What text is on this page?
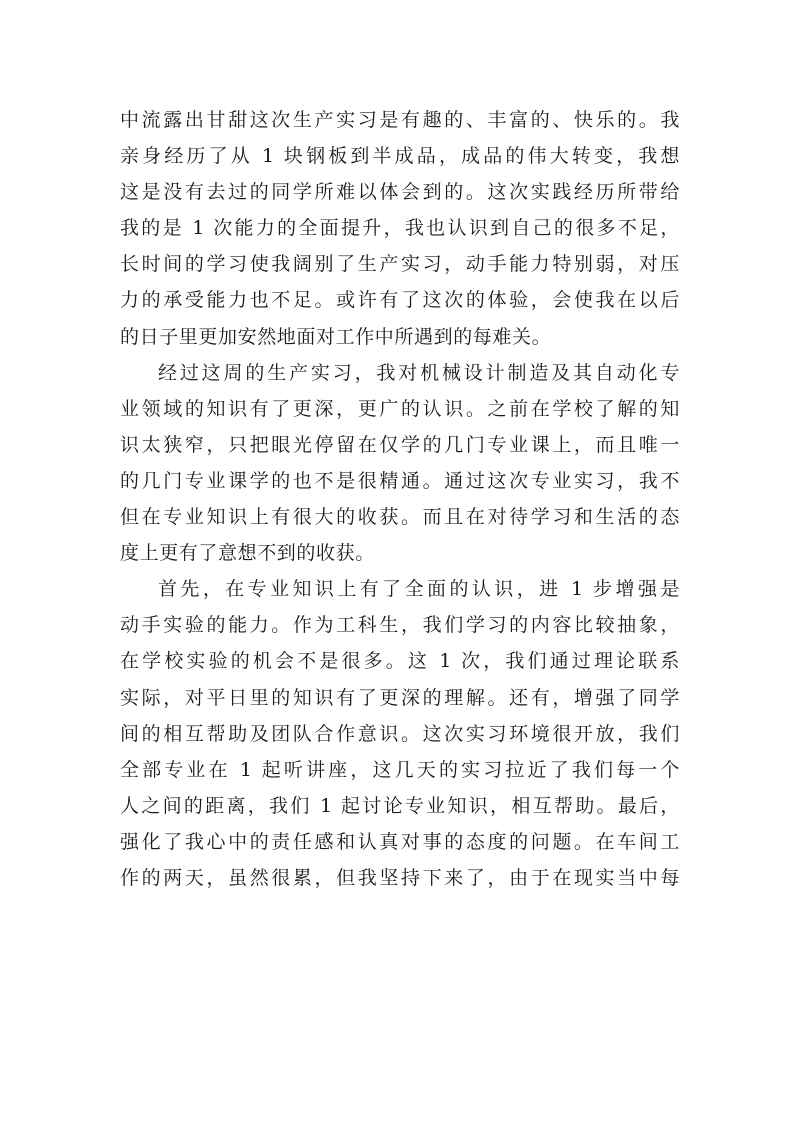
中流露出甘甜这次生产实习是有趣的、丰富的、快乐的。我
亲身经历了从 1 块钢板到半成品，成品的伟大转变，我想
这是没有去过的同学所难以体会到的。这次实践经历所带给
我的是 1 次能力的全面提升，我也认识到自己的很多不足，
长时间的学习使我阔别了生产实习，动手能力特别弱，对压
力的承受能力也不足。或许有了这次的体验，会使我在以后
的日子里更加安然地面对工作中所遇到的每难关。
经过这周的生产实习，我对机械设计制造及其自动化专
业领域的知识有了更深，更广的认识。之前在学校了解的知
识太狭窄，只把眼光停留在仅学的几门专业课上，而且唯一
的几门专业课学的也不是很精通。通过这次专业实习，我不
但在专业知识上有很大的收获。而且在对待学习和生活的态
度上更有了意想不到的收获。
首先，在专业知识上有了全面的认识，进 1 步增强是
动手实验的能力。作为工科生，我们学习的内容比较抽象，
在学校实验的机会不是很多。这 1 次，我们通过理论联系
实际，对平日里的知识有了更深的理解。还有，增强了同学
间的相互帮助及团队合作意识。这次实习环境很开放，我们
全部专业在 1 起听讲座，这几天的实习拉近了我们每一个
人之间的距离，我们 1 起讨论专业知识，相互帮助。最后，
强化了我心中的责任感和认真对事的态度的问题。在车间工
作的两天，虽然很累，但我坚持下来了，由于在现实当中每
